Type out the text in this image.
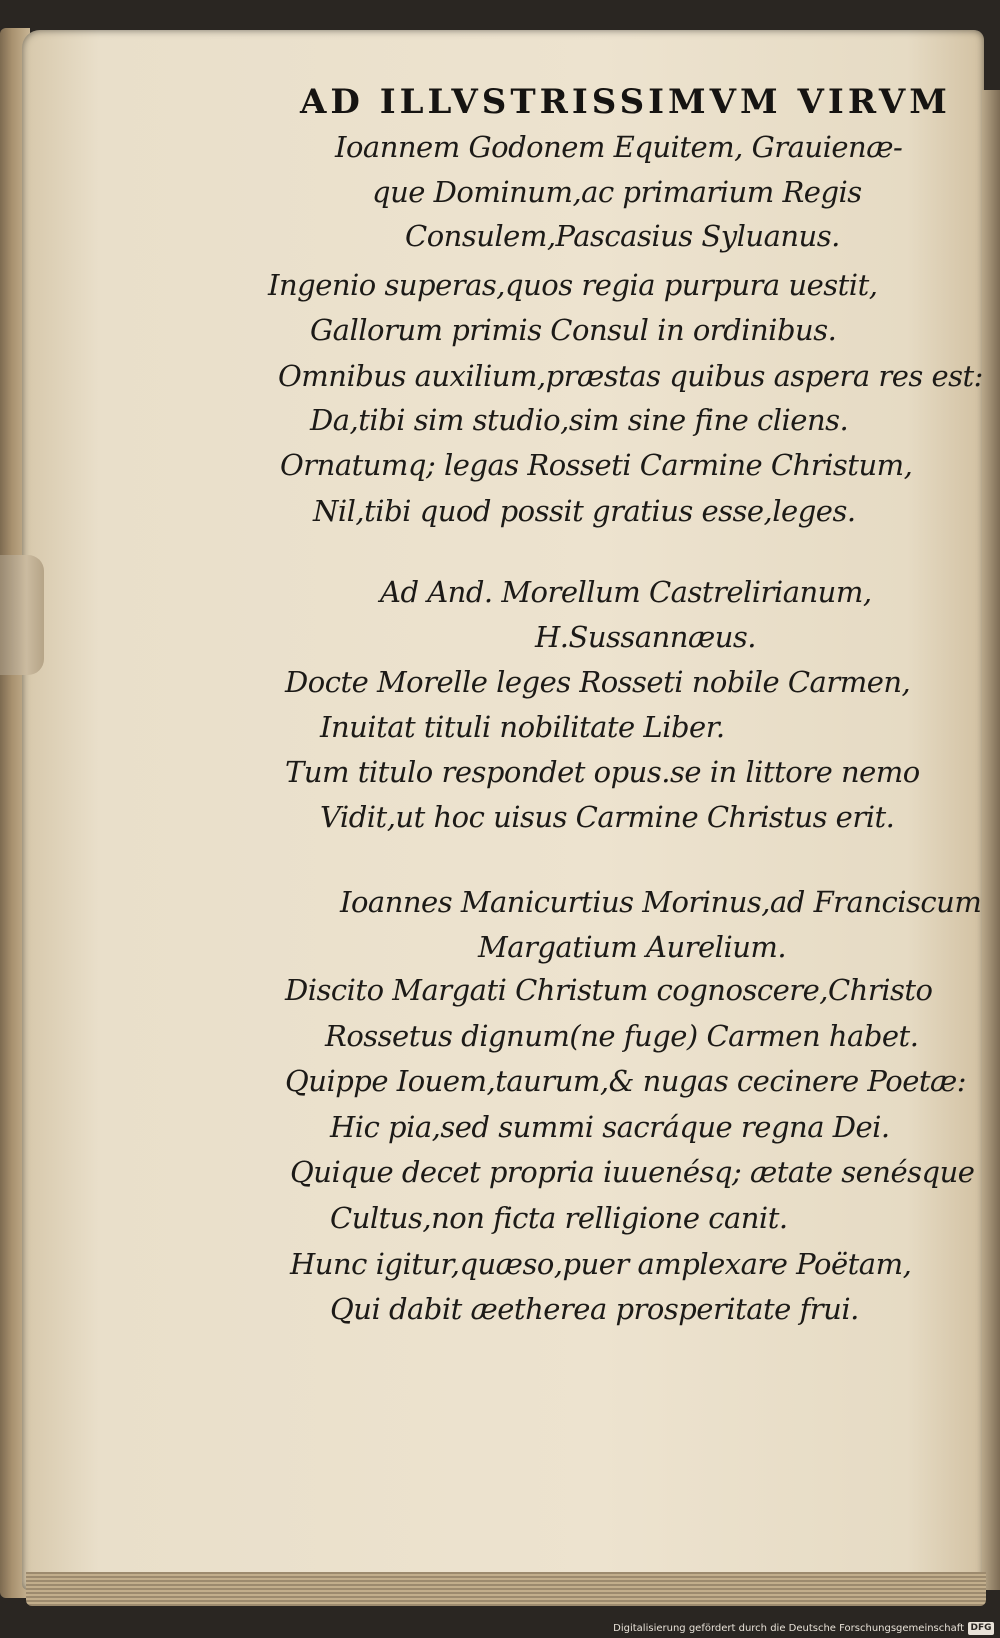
AD ILLVSTRISSIMVM VIRVM
Ioannem Godonem Equitem, Grauienæ-
que Dominum,ac primarium Regis
Consulem,Pascasius Syluanus.
Ingenio superas,quos regia purpura uestit,
Gallorum primis Consul in ordinibus.
Omnibus auxilium,præstas quibus aspera res est:
Da,tibi sim studio,sim sine fine cliens.
Ornatumq; legas Rosseti Carmine Christum,
Nil,tibi quod possit gratius esse,leges.
Ad And. Morellum Castrelirianum,
H.Sussannæus.
Docte Morelle leges Rosseti nobile Carmen,
Inuitat tituli nobilitate Liber.
Tum titulo respondet opus.se in littore nemo
Vidit,ut hoc uisus Carmine Christus erit.
Ioannes Manicurtius Morinus,ad Franciscum
Margatium Aurelium.
Discito Margati Christum cognoscere,Christo
Rossetus dignum(ne fuge) Carmen habet.
Quippe Iouem,taurum,& nugas cecinere Poetæ:
Hic pia,sed summi sacráque regna Dei.
Quique decet propria iuuenésq; ætate senésque
Cultus,non ficta relligione canit.
Hunc igitur,quæso,puer amplexare Poëtam,
Qui dabit æetherea prosperitate frui.
Digitalisierung gefördert durch die Deutsche Forschungsgemeinschaft DFG
